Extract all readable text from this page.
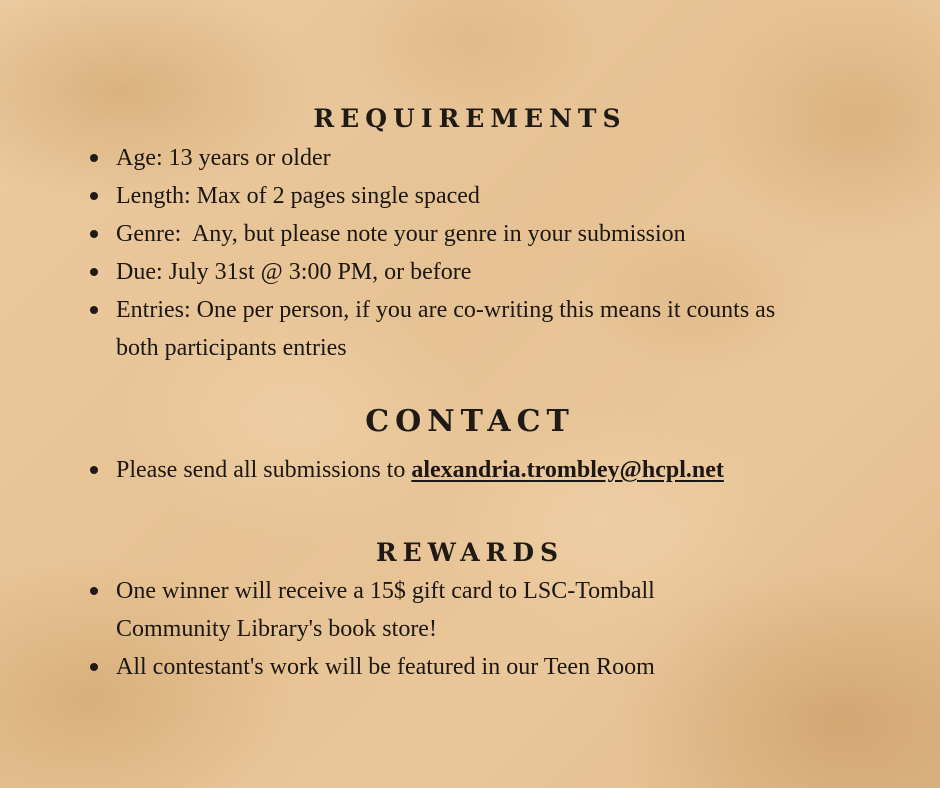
REQUIREMENTS
Age: 13 years or older
Length: Max of 2 pages single spaced
Genre:  Any, but please note your genre in your submission
Due: July 31st @ 3:00 PM, or before
Entries: One per person, if you are co-writing this means it counts as both participants entries
CONTACT
Please send all submissions to alexandria.trombley@hcpl.net
REWARDS
One winner will receive a 15$ gift card to LSC-Tomball Community Library's book store!
All contestant's work will be featured in our Teen Room
